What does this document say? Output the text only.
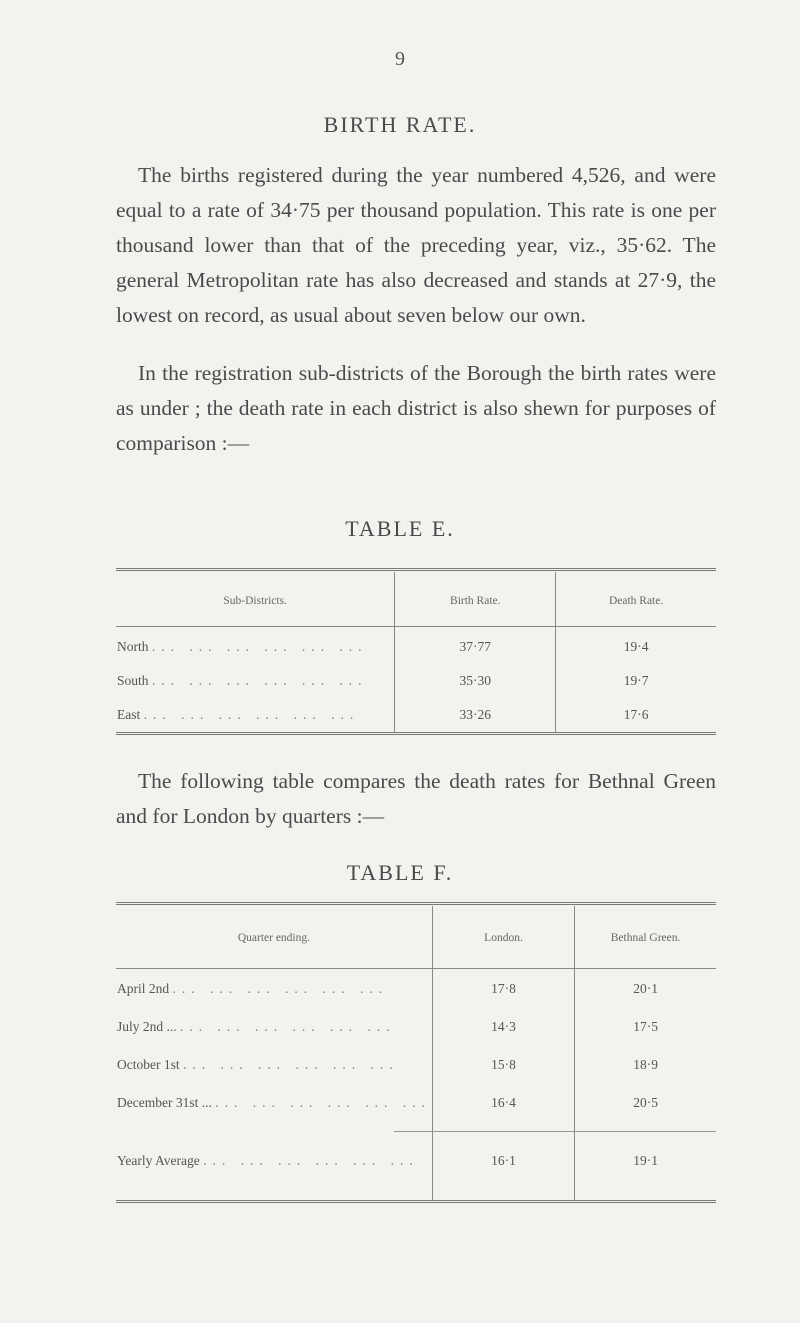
9
BIRTH RATE.

The births registered during the year numbered 4,526, and were equal to a rate of 34·75 per thousand population. This rate is one per thousand lower than that of the preceding year, viz., 35·62. The general Metropolitan rate has also decreased and stands at 27·9, the lowest on record, as usual about seven below our own.

In the registration sub-districts of the Borough the birth rates were as under ; the death rate in each district is also shewn for purposes of comparison :—

TABLE E.
Sub-Districts.	Birth Rate.	Death Rate.
North ... ... ... ... ... ...	37·77	19·4
South ... ... ... ... ... ...	35·30	19·7
East ... ... ... ... ... ...	33·26	17·6

The following table compares the death rates for Bethnal Green and for London by quarters :—

TABLE F.
Quarter ending.	London.	Bethnal Green.
April 2nd ... ... ... ... ... ...	17·8	20·1
July 2nd ... ... ... ... ... ... ...	14·3	17·5
October 1st ... ... ... ... ... ...	15·8	18·9
December 31st ... ... ... ... ... ... ...	16·4	20·5
Yearly Average ... ... ... ... ... ...	16·1	19·1
